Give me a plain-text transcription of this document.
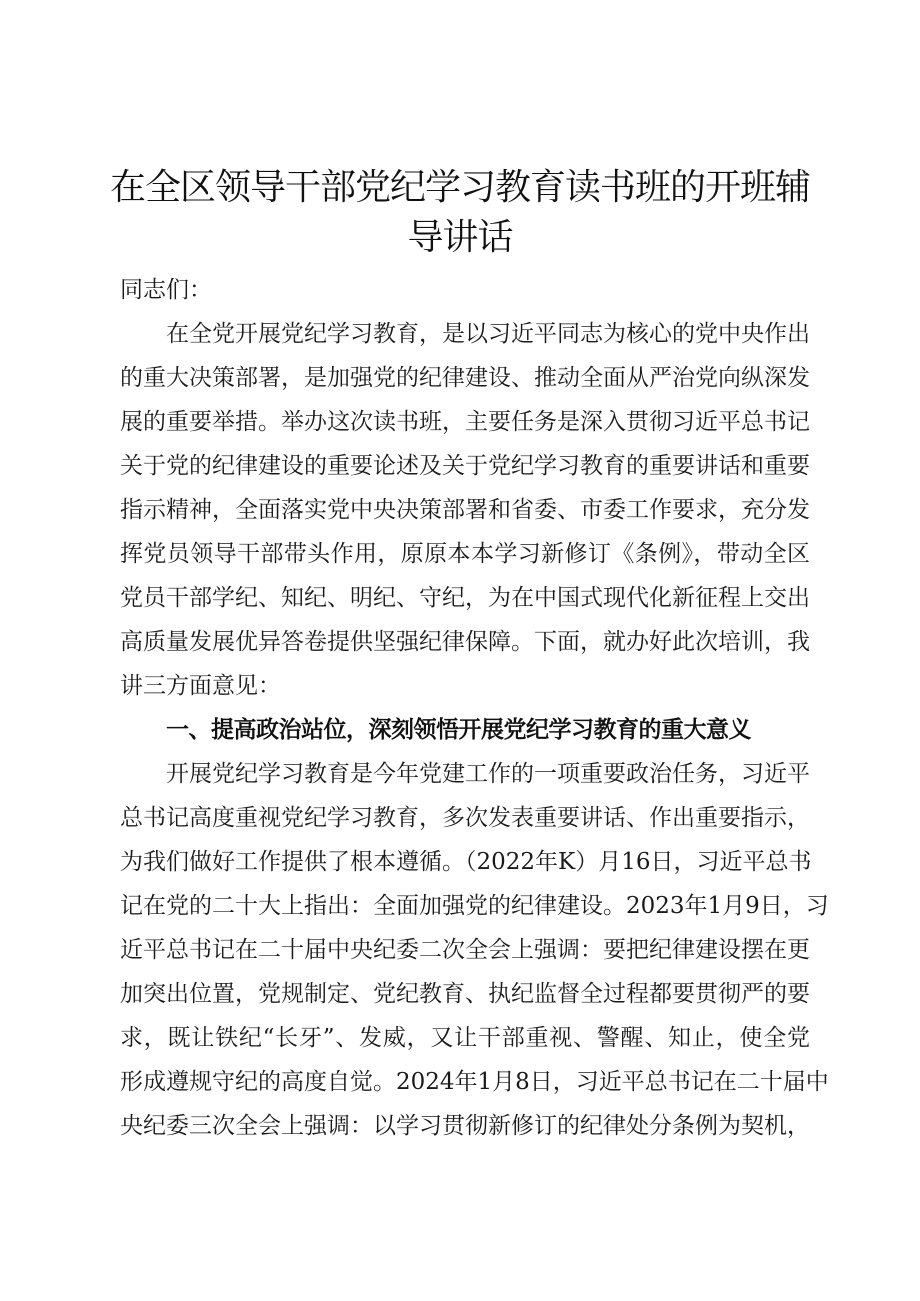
在全区领导干部党纪学习教育读书班的开班辅
导讲话
同志们：
在全党开展党纪学习教育，是以习近平同志为核心的党中央作出
的重大决策部署，是加强党的纪律建设、推动全面从严治党向纵深发
展的重要举措。举办这次读书班，主要任务是深入贯彻习近平总书记
关于党的纪律建设的重要论述及关于党纪学习教育的重要讲话和重要
指示精神，全面落实党中央决策部署和省委、市委工作要求，充分发
挥党员领导干部带头作用，原原本本学习新修订《条例》，带动全区
党员干部学纪、知纪、明纪、守纪，为在中国式现代化新征程上交出
高质量发展优异答卷提供坚强纪律保障。下面，就办好此次培训，我
讲三方面意见：
一、提高政治站位，深刻领悟开展党纪学习教育的重大意义
开展党纪学习教育是今年党建工作的一项重要政治任务，习近平
总书记高度重视党纪学习教育，多次发表重要讲话、作出重要指示，
为我们做好工作提供了根本遵循。（2022年K）月16日，习近平总书
记在党的二十大上指出：全面加强党的纪律建设。2023年1月9日，习
近平总书记在二十届中央纪委二次全会上强调：要把纪律建设摆在更
加突出位置，党规制定、党纪教育、执纪监督全过程都要贯彻严的要
求，既让铁纪“长牙”、发威，又让干部重视、警醒、知止，使全党
形成遵规守纪的高度自觉。2024年1月8日，习近平总书记在二十届中
央纪委三次全会上强调：以学习贯彻新修订的纪律处分条例为契机，
